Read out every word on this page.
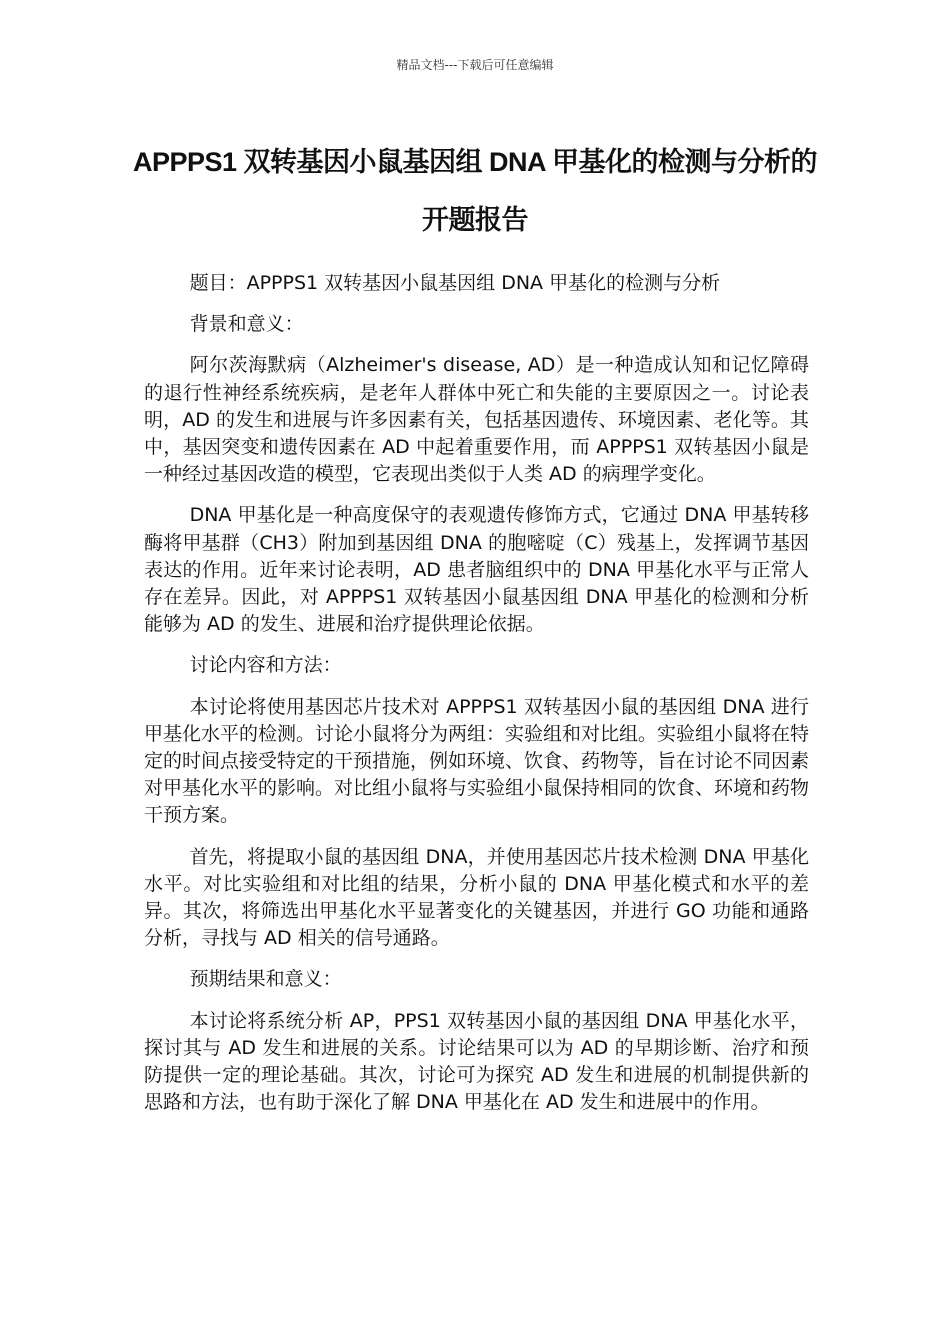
精品文档---下载后可任意编辑
APPPS1 双转基因小鼠基因组 DNA 甲基化的检测与分析的开题报告

题目：APPPS1 双转基因小鼠基因组 DNA 甲基化的检测与分析

背景和意义：

阿尔茨海默病（Alzheimer's disease, AD）是一种造成认知和记忆障碍的退行性神经系统疾病，是老年人群体中死亡和失能的主要原因之一。讨论表明，AD 的发生和进展与许多因素有关，包括基因遗传、环境因素、老化等。其中，基因突变和遗传因素在 AD 中起着重要作用，而 APPPS1 双转基因小鼠是一种经过基因改造的模型，它表现出类似于人类 AD 的病理学变化。

DNA 甲基化是一种高度保守的表观遗传修饰方式，它通过 DNA 甲基转移酶将甲基群（CH3）附加到基因组 DNA 的胞嘧啶（C）残基上，发挥调节基因表达的作用。近年来讨论表明，AD 患者脑组织中的 DNA 甲基化水平与正常人存在差异。因此，对 APPPS1 双转基因小鼠基因组 DNA 甲基化的检测和分析能够为 AD 的发生、进展和治疗提供理论依据。

讨论内容和方法：

本讨论将使用基因芯片技术对 APPPS1 双转基因小鼠的基因组 DNA 进行甲基化水平的检测。讨论小鼠将分为两组：实验组和对比组。实验组小鼠将在特定的时间点接受特定的干预措施，例如环境、饮食、药物等，旨在讨论不同因素对甲基化水平的影响。对比组小鼠将与实验组小鼠保持相同的饮食、环境和药物干预方案。

首先，将提取小鼠的基因组 DNA，并使用基因芯片技术检测 DNA 甲基化水平。对比实验组和对比组的结果，分析小鼠的 DNA 甲基化模式和水平的差异。其次，将筛选出甲基化水平显著变化的关键基因，并进行 GO 功能和通路分析，寻找与 AD 相关的信号通路。

预期结果和意义：

本讨论将系统分析 AP，PPS1 双转基因小鼠的基因组 DNA 甲基化水平，探讨其与 AD 发生和进展的关系。讨论结果可以为 AD 的早期诊断、治疗和预防提供一定的理论基础。其次，讨论可为探究 AD 发生和进展的机制提供新的思路和方法，也有助于深化了解 DNA 甲基化在 AD 发生和进展中的作用。
